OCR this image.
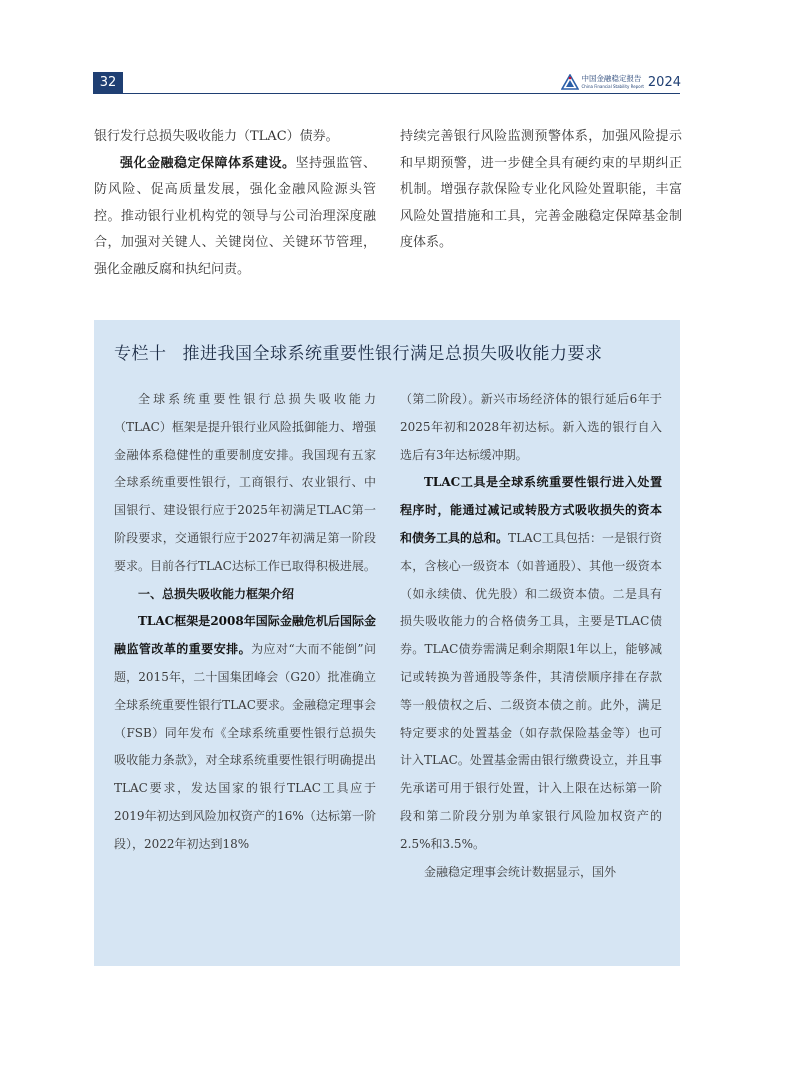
32	中国金融稳定报告
China Financial Stability Report 2024

银行发行总损失吸收能力（TLAC）债券。

强化金融稳定保障体系建设。坚持强监管、防风险、促高质量发展，强化金融风险源头管控。推动银行业机构党的领导与公司治理深度融合，加强对关键人、关键岗位、关键环节管理，强化金融反腐和执纪问责。

持续完善银行风险监测预警体系，加强风险提示和早期预警，进一步健全具有硬约束的早期纠正机制。增强存款保险专业化风险处置职能，丰富风险处置措施和工具，完善金融稳定保障基金制度体系。

专栏十 推进我国全球系统重要性银行满足总损失吸收能力要求

全球系统重要性银行总损失吸收能力（TLAC）框架是提升银行业风险抵御能力、增强金融体系稳健性的重要制度安排。我国现有五家全球系统重要性银行，工商银行、农业银行、中国银行、建设银行应于2025年初满足TLAC第一阶段要求，交通银行应于2027年初满足第一阶段要求。目前各行TLAC达标工作已取得积极进展。

一、总损失吸收能力框架介绍

TLAC框架是2008年国际金融危机后国际金融监管改革的重要安排。为应对“大而不能倒”问题，2015年，二十国集团峰会（G20）批准确立全球系统重要性银行TLAC要求。金融稳定理事会（FSB）同年发布《全球系统重要性银行总损失吸收能力条款》，对全球系统重要性银行明确提出TLAC要求，发达国家的银行TLAC工具应于2019年初达到风险加权资产的16%（达标第一阶段），2022年初达到18%

（第二阶段）。新兴市场经济体的银行延后6年于2025年初和2028年初达标。新入选的银行自入选后有3年达标缓冲期。

TLAC工具是全球系统重要性银行进入处置程序时，能通过减记或转股方式吸收损失的资本和债务工具的总和。TLAC工具包括：一是银行资本，含核心一级资本（如普通股）、其他一级资本（如永续债、优先股）和二级资本债。二是具有损失吸收能力的合格债务工具，主要是TLAC债券。TLAC债券需满足剩余期限1年以上，能够减记或转换为普通股等条件，其清偿顺序排在存款等一般债权之后、二级资本债之前。此外，满足特定要求的处置基金（如存款保险基金等）也可计入TLAC。处置基金需由银行缴费设立，并且事先承诺可用于银行处置，计入上限在达标第一阶段和第二阶段分别为单家银行风险加权资产的2.5%和3.5%。

金融稳定理事会统计数据显示，国外
